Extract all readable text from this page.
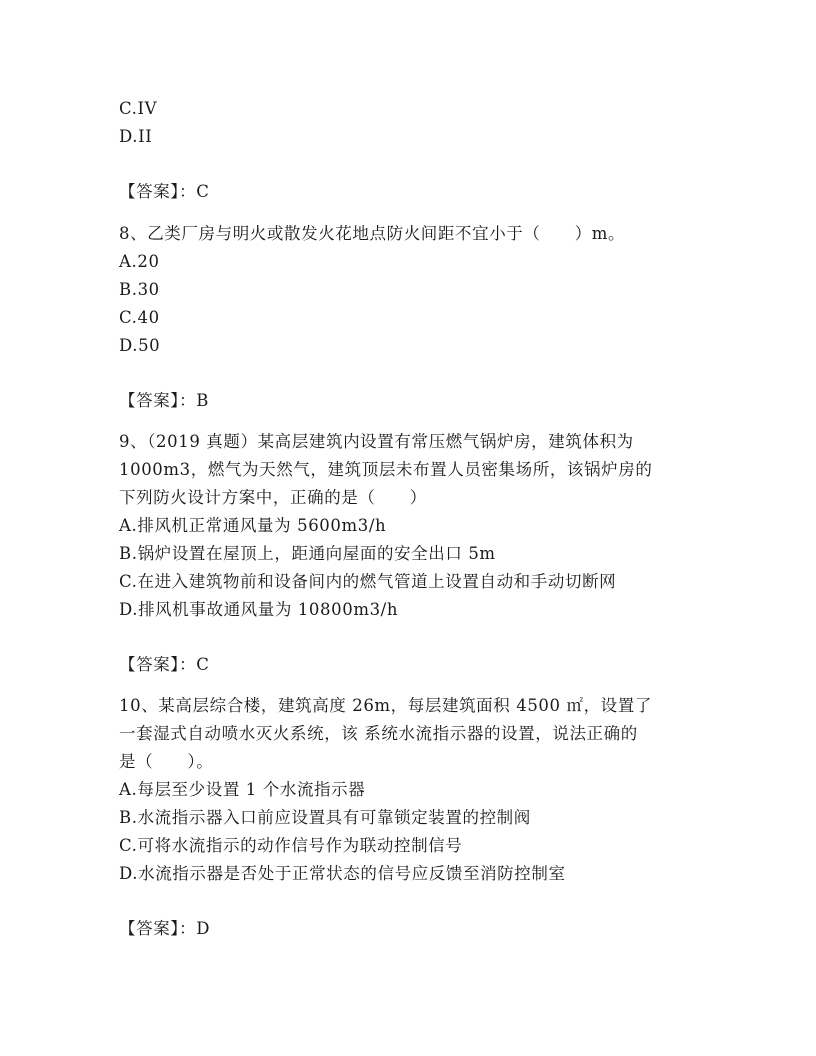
C.IV
D.II
【答案】：C
8、乙类厂房与明火或散发火花地点防火间距不宜小于（　　）m。
A.20
B.30
C.40
D.50
【答案】：B
9、（2019 真题）某高层建筑内设置有常压燃气锅炉房，建筑体积为
1000m3，燃气为天然气，建筑顶层未布置人员密集场所，该锅炉房的
下列防火设计方案中，正确的是（　　）
A.排风机正常通风量为 5600m3/h
B.锅炉设置在屋顶上，距通向屋面的安全出口 5m
C.在进入建筑物前和设备间内的燃气管道上设置自动和手动切断网
D.排风机事故通风量为 10800m3/h
【答案】：C
10、某高层综合楼，建筑高度 26m，每层建筑面积 4500 ㎡，设置了
一套湿式自动喷水灭火系统，该 系统水流指示器的设置，说法正确的
是（　　）。
A.每层至少设置 1 个水流指示器
B.水流指示器入口前应设置具有可靠锁定装置的控制阀
C.可将水流指示的动作信号作为联动控制信号
D.水流指示器是否处于正常状态的信号应反馈至消防控制室
【答案】：D
